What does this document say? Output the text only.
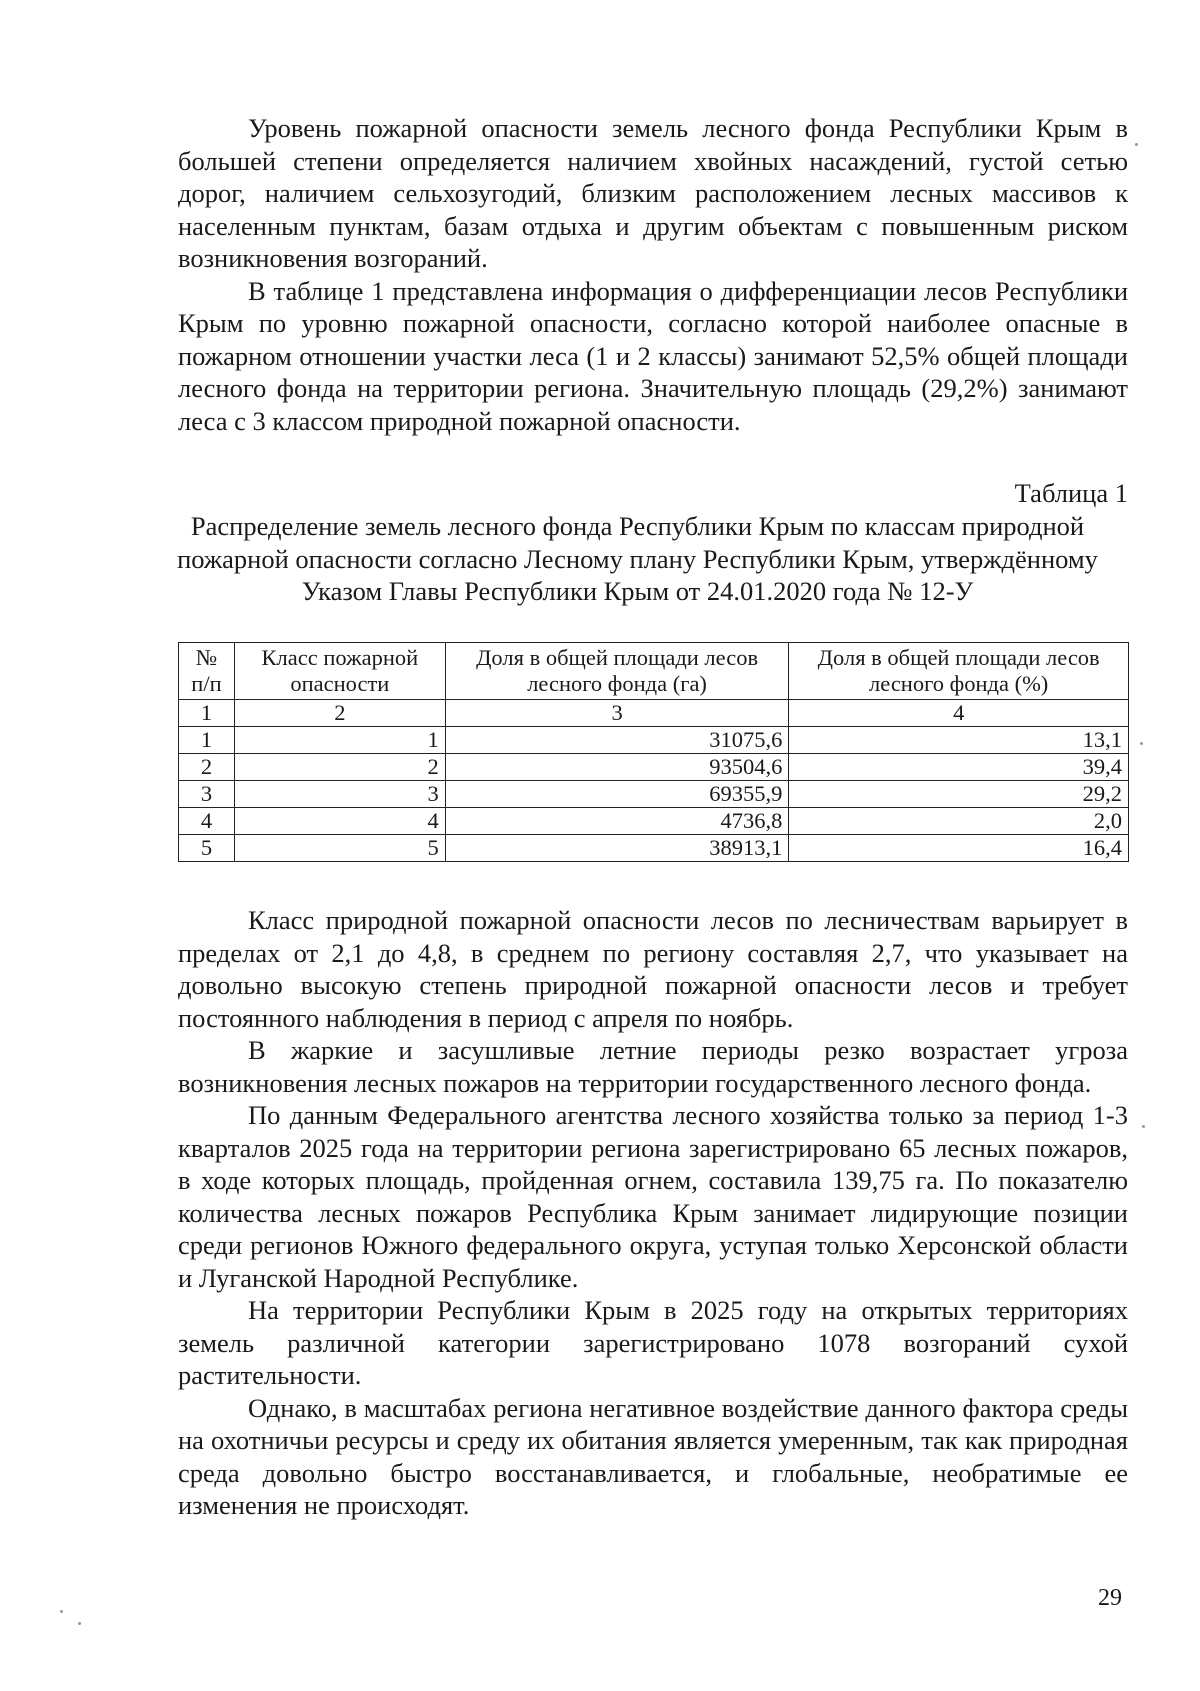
Уровень пожарной опасности земель лесного фонда Республики Крым в большей степени определяется наличием хвойных насаждений, густой сетью дорог, наличием сельхозугодий, близким расположением лесных массивов к населенным пунктам, базам отдыха и другим объектам с повышенным риском возникновения возгораний.

В таблице 1 представлена информация о дифференциации лесов Республики Крым по уровню пожарной опасности, согласно которой наиболее опасные в пожарном отношении участки леса (1 и 2 классы) занимают 52,5% общей площади лесного фонда на территории региона. Значительную площадь (29,2%) занимают леса с 3 классом природной пожарной опасности.

Таблица 1
Распределение земель лесного фонда Республики Крым по классам природной пожарной опасности согласно Лесному плану Республики Крым, утверждённому Указом Главы Республики Крым от 24.01.2020 года № 12-У
№ п/п	Класс пожарной опасности	Доля в общей площади лесов лесного фонда (га)	Доля в общей площади лесов лесного фонда (%)
1	2	3	4
1	1	31075,6	13,1
2	2	93504,6	39,4
3	3	69355,9	29,2
4	4	4736,8	2,0
5	5	38913,1	16,4

Класс природной пожарной опасности лесов по лесничествам варьирует в пределах от 2,1 до 4,8, в среднем по региону составляя 2,7, что указывает на довольно высокую степень природной пожарной опасности лесов и требует постоянного наблюдения в период с апреля по ноябрь.

В жаркие и засушливые летние периоды резко возрастает угроза возникновения лесных пожаров на территории государственного лесного фонда.

По данным Федерального агентства лесного хозяйства только за период 1-3 кварталов 2025 года на территории региона зарегистрировано 65 лесных пожаров, в ходе которых площадь, пройденная огнем, составила 139,75 га. По показателю количества лесных пожаров Республика Крым занимает лидирующие позиции среди регионов Южного федерального округа, уступая только Херсонской области и Луганской Народной Республике.

На территории Республики Крым в 2025 году на открытых территориях земель различной категории зарегистрировано 1078 возгораний сухой растительности.

Однако, в масштабах региона негативное воздействие данного фактора среды на охотничьи ресурсы и среду их обитания является умеренным, так как природная среда довольно быстро восстанавливается, и глобальные, необратимые ее изменения не происходят.

29
